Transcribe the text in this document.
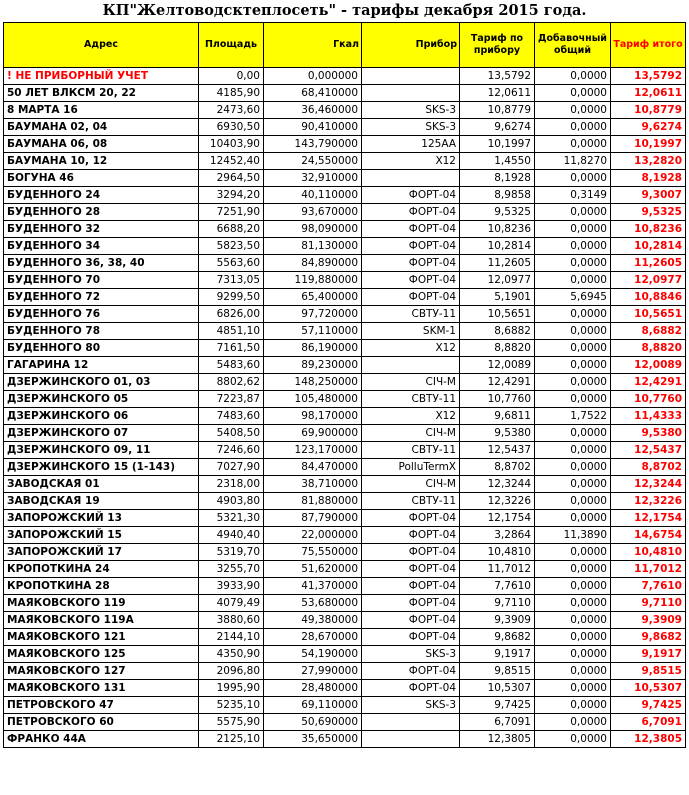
КП"Желтоводсктеплосеть" - тарифы декабря 2015 года.
Адрес	Площадь	Гкал	Прибор	Тариф по прибору	Добавочный общий	Тариф итого
! НЕ ПРИБОРНЫЙ УЧЕТ	0,00	0,000000		13,5792	0,0000	13,5792
50 ЛЕТ ВЛКСМ 20, 22	4185,90	68,410000		12,0611	0,0000	12,0611
8 МАРТА 16	2473,60	36,460000	SKS-3	10,8779	0,0000	10,8779
БАУМАНА 02, 04	6930,50	90,410000	SKS-3	9,6274	0,0000	9,6274
БАУМАНА 06, 08	10403,90	143,790000	125AA	10,1997	0,0000	10,1997
БАУМАНА 10, 12	12452,40	24,550000	X12	1,4550	11,8270	13,2820
БОГУНА 46	2964,50	32,910000		8,1928	0,0000	8,1928
БУДЕННОГО 24	3294,20	40,110000	ФОРТ-04	8,9858	0,3149	9,3007
БУДЕННОГО 28	7251,90	93,670000	ФОРТ-04	9,5325	0,0000	9,5325
БУДЕННОГО 32	6688,20	98,090000	ФОРТ-04	10,8236	0,0000	10,8236
БУДЕННОГО 34	5823,50	81,130000	ФОРТ-04	10,2814	0,0000	10,2814
БУДЕННОГО 36, 38, 40	5563,60	84,890000	ФОРТ-04	11,2605	0,0000	11,2605
БУДЕННОГО 70	7313,05	119,880000	ФОРТ-04	12,0977	0,0000	12,0977
БУДЕННОГО 72	9299,50	65,400000	ФОРТ-04	5,1901	5,6945	10,8846
БУДЕННОГО 76	6826,00	97,720000	СВТУ-11	10,5651	0,0000	10,5651
БУДЕННОГО 78	4851,10	57,110000	SKM-1	8,6882	0,0000	8,6882
БУДЕННОГО 80	7161,50	86,190000	X12	8,8820	0,0000	8,8820
ГАГАРИНА 12	5483,60	89,230000		12,0089	0,0000	12,0089
ДЗЕРЖИНСКОГО 01, 03	8802,62	148,250000	СІЧ-М	12,4291	0,0000	12,4291
ДЗЕРЖИНСКОГО 05	7223,87	105,480000	СВТУ-11	10,7760	0,0000	10,7760
ДЗЕРЖИНСКОГО 06	7483,60	98,170000	X12	9,6811	1,7522	11,4333
ДЗЕРЖИНСКОГО 07	5408,50	69,900000	СІЧ-М	9,5380	0,0000	9,5380
ДЗЕРЖИНСКОГО 09, 11	7246,60	123,170000	СВТУ-11	12,5437	0,0000	12,5437
ДЗЕРЖИНСКОГО 15 (1-143)	7027,90	84,470000	PolluTermX	8,8702	0,0000	8,8702
ЗАВОДСКАЯ 01	2318,00	38,710000	СІЧ-М	12,3244	0,0000	12,3244
ЗАВОДСКАЯ 19	4903,80	81,880000	СВТУ-11	12,3226	0,0000	12,3226
ЗАПОРОЖСКИЙ 13	5321,30	87,790000	ФОРТ-04	12,1754	0,0000	12,1754
ЗАПОРОЖСКИЙ 15	4940,40	22,000000	ФОРТ-04	3,2864	11,3890	14,6754
ЗАПОРОЖСКИЙ 17	5319,70	75,550000	ФОРТ-04	10,4810	0,0000	10,4810
КРОПОТКИНА 24	3255,70	51,620000	ФОРТ-04	11,7012	0,0000	11,7012
КРОПОТКИНА 28	3933,90	41,370000	ФОРТ-04	7,7610	0,0000	7,7610
МАЯКОВСКОГО 119	4079,49	53,680000	ФОРТ-04	9,7110	0,0000	9,7110
МАЯКОВСКОГО 119А	3880,60	49,380000	ФОРТ-04	9,3909	0,0000	9,3909
МАЯКОВСКОГО 121	2144,10	28,670000	ФОРТ-04	9,8682	0,0000	9,8682
МАЯКОВСКОГО 125	4350,90	54,190000	SKS-3	9,1917	0,0000	9,1917
МАЯКОВСКОГО 127	2096,80	27,990000	ФОРТ-04	9,8515	0,0000	9,8515
МАЯКОВСКОГО 131	1995,90	28,480000	ФОРТ-04	10,5307	0,0000	10,5307
ПЕТРОВСКОГО 47	5235,10	69,110000	SKS-3	9,7425	0,0000	9,7425
ПЕТРОВСКОГО 60	5575,90	50,690000		6,7091	0,0000	6,7091
ФРАНКО 44А	2125,10	35,650000		12,3805	0,0000	12,3805
